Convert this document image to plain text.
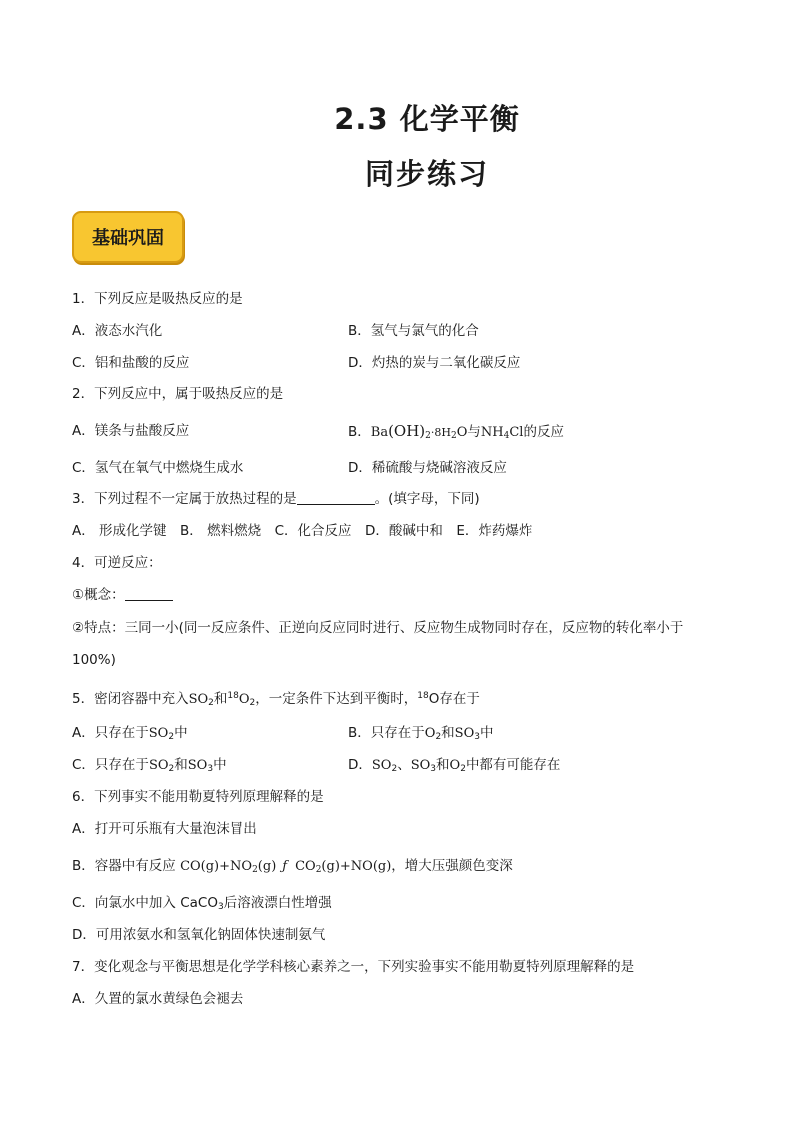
2.3 化学平衡
同步练习
基础巩固
1．下列反应是吸热反应的是
A．液态水汽化	B．氢气与氯气的化合
C．铝和盐酸的反应	D．灼热的炭与二氧化碳反应
2．下列反应中，属于吸热反应的是
A．镁条与盐酸反应	B．$Ba(OH)_2\cdot 8H_2O$与$NH_4Cl$的反应
C．氢气在氧气中燃烧生成水	D．稀硫酸与烧碱溶液反应
3．下列过程不一定属于放热过程的是	。(填字母，下同)
A． 形成化学键　B． 燃料燃烧　C．化合反应　D．酸碱中和　E．炸药爆炸
4．可逆反应：
①概念：
②特点：三同一小(同一反应条件、正逆向反应同时进行、反应物生成物同时存在，反应物的转化率小于
100%)
5．密闭容器中充入$SO_2$和$^{18}O_2$，一定条件下达到平衡时，$^{18}$O存在于
A．只存在于$SO_2$中	B．只存在于$O_2$和$SO_3$中
C．只存在于$SO_2$和$SO_3$中	D．$SO_2$、$SO_3$和$O_2$中都有可能存在
6．下列事实不能用勒夏特列原理解释的是
A．打开可乐瓶有大量泡沫冒出
B．容器中有反应 $CO(g)+NO_2(g)$ ƒ $CO_2(g)+NO(g)$，增大压强颜色变深
C．向氯水中加入 CaCO$_3$后溶液漂白性增强
D．可用浓氨水和氢氧化钠固体快速制氨气
7．变化观念与平衡思想是化学学科核心素养之一，下列实验事实不能用勒夏特列原理解释的是
A．久置的氯水黄绿色会褪去
